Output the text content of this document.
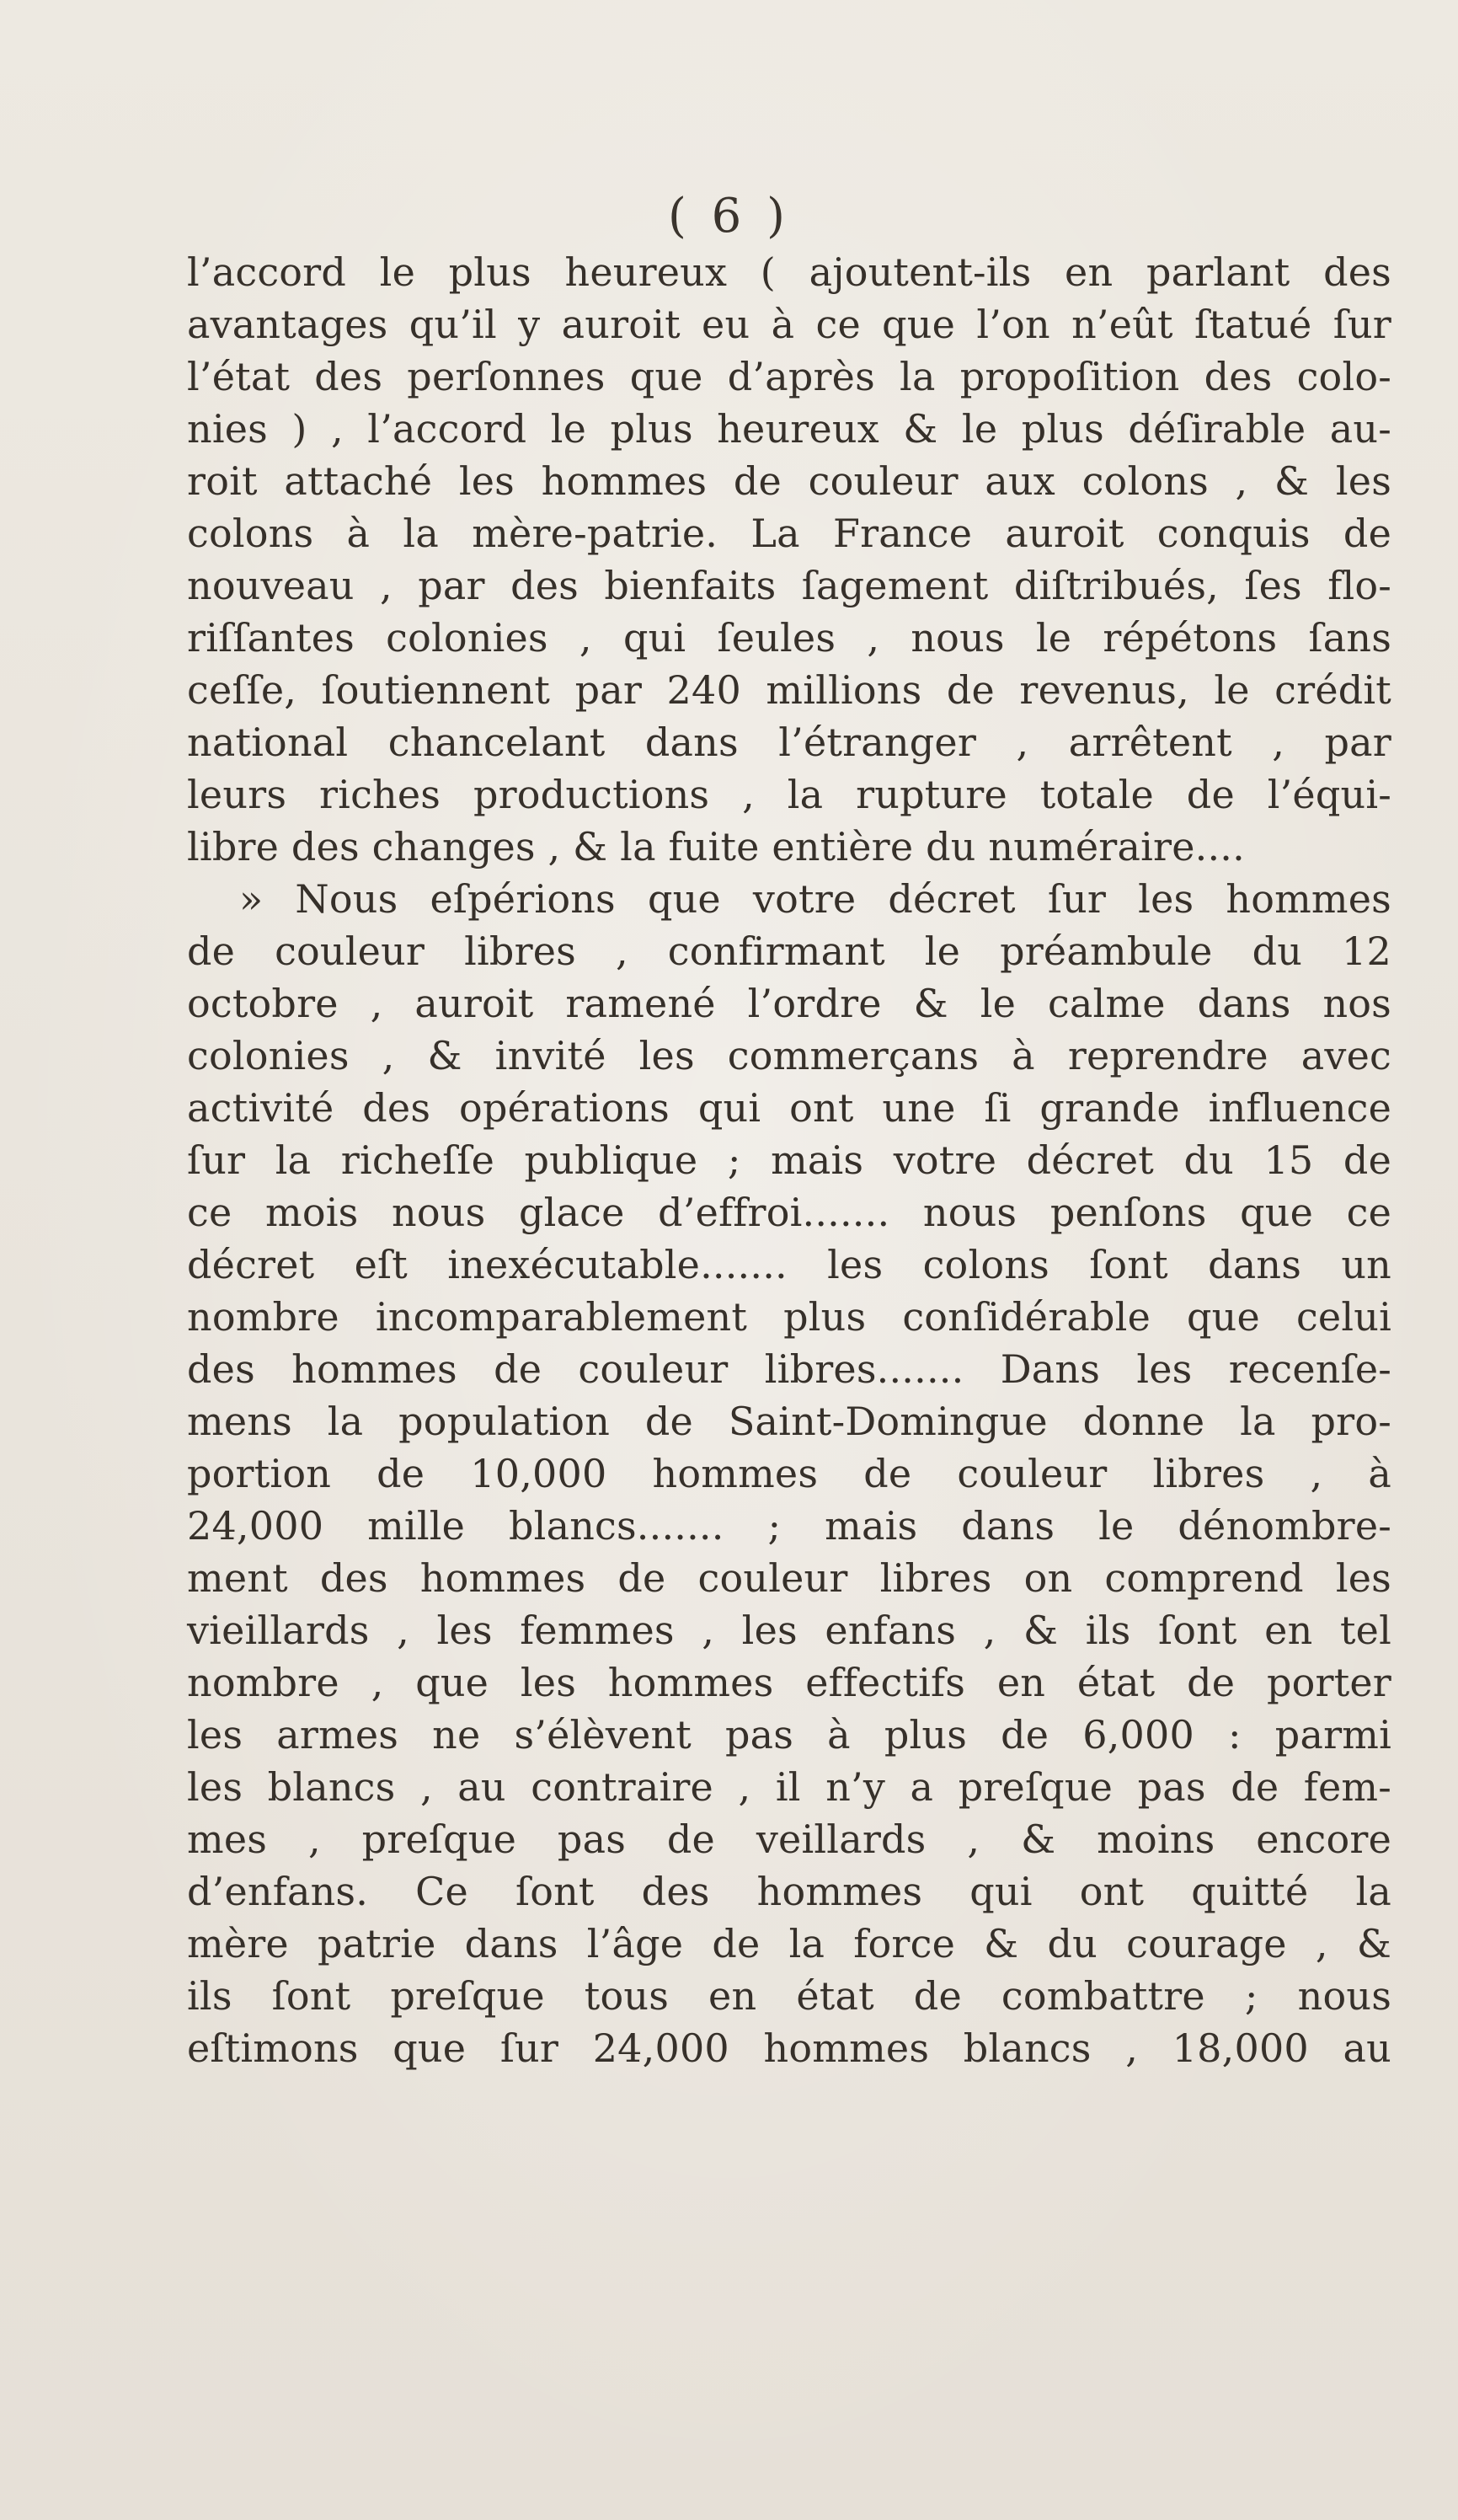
( 6 )
l’accord le plus heureux ( ajoutent-ils en parlant des
avantages qu’il y auroit eu à ce que l’on n’eût ſtatué ſur
l’état des perſonnes que d’après la propoſition des colo-
nies ) , l’accord le plus heureux & le plus déſirable au-
roit attaché les hommes de couleur aux colons , & les
colons à la mère-patrie. La France auroit conquis de
nouveau , par des bienfaits ſagement diſtribués, ſes flo-
riſſantes colonies , qui ſeules , nous le répétons ſans
ceſſe, ſoutiennent par 240 millions de revenus, le crédit
national chancelant dans l’étranger , arrêtent , par
leurs riches productions , la rupture totale de l’équi-
libre des changes , & la fuite entière du numéraire....
» Nous eſpérions que votre décret ſur les hommes
de couleur libres , confirmant le préambule du 12
octobre , auroit ramené l’ordre & le calme dans nos
colonies , & invité les commerçans à reprendre avec
activité des opérations qui ont une ſi grande influence
ſur la richeſſe publique ; mais votre décret du 15 de
ce mois nous glace d’effroi....... nous penſons que ce
décret eſt inexécutable....... les colons ſont dans un
nombre incomparablement plus conſidérable que celui
des hommes de couleur libres....... Dans les recenſe-
mens la population de Saint-Domingue donne la pro-
portion de 10,000 hommes de couleur libres , à
24,000 mille blancs....... ; mais dans le dénombre-
ment des hommes de couleur libres on comprend les
vieillards , les femmes , les enfans , & ils ſont en tel
nombre , que les hommes effectifs en état de porter
les armes ne s’élèvent pas à plus de 6,000 : parmi
les blancs , au contraire , il n’y a preſque pas de fem-
mes , preſque pas de veillards , & moins encore
d’enfans. Ce ſont des hommes qui ont quitté la
mère patrie dans l’âge de la force & du courage , &
ils ſont preſque tous en état de combattre ; nous
eſtimons que ſur 24,000 hommes blancs , 18,000 au
